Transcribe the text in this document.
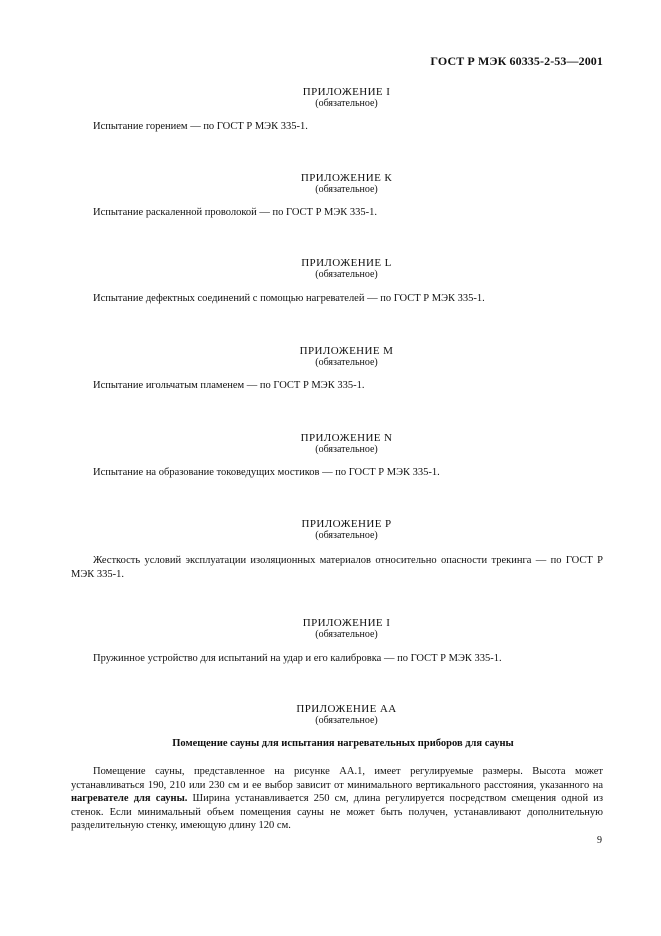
ГОСТ Р МЭК 60335-2-53—2001
ПРИЛОЖЕНИЕ I
(обязательное)
Испытание горением — по ГОСТ Р МЭК 335-1.
ПРИЛОЖЕНИЕ К
(обязательное)
Испытание раскаленной проволокой — по ГОСТ Р МЭК 335-1.
ПРИЛОЖЕНИЕ L
(обязательное)
Испытание дефектных соединений с помощью нагревателей — по ГОСТ Р МЭК 335-1.
ПРИЛОЖЕНИЕ М
(обязательное)
Испытание игольчатым пламенем — по ГОСТ Р МЭК 335-1.
ПРИЛОЖЕНИЕ N
(обязательное)
Испытание на образование токоведущих мостиков — по ГОСТ Р МЭК 335-1.
ПРИЛОЖЕНИЕ Р
(обязательное)
Жесткость условий эксплуатации изоляционных материалов относительно опасности трекинга — по ГОСТ Р МЭК 335-1.
ПРИЛОЖЕНИЕ I
(обязательное)
Пружинное устройство для испытаний на удар и его калибровка — по ГОСТ Р МЭК 335-1.
ПРИЛОЖЕНИЕ АА
(обязательное)
Помещение сауны для испытания нагревательных приборов для сауны
Помещение сауны, представленное на рисунке АА.1, имеет регулируемые размеры. Высота может устанавливаться 190, 210 или 230 см и ее выбор зависит от минимального вертикального расстояния, указанного на нагревателе для сауны. Ширина устанавливается 250 см, длина регулируется посредством смещения одной из стенок. Если минимальный объем помещения сауны не может быть получен, устанавливают дополнительную разделительную стенку, имеющую длину 120 см.
9
